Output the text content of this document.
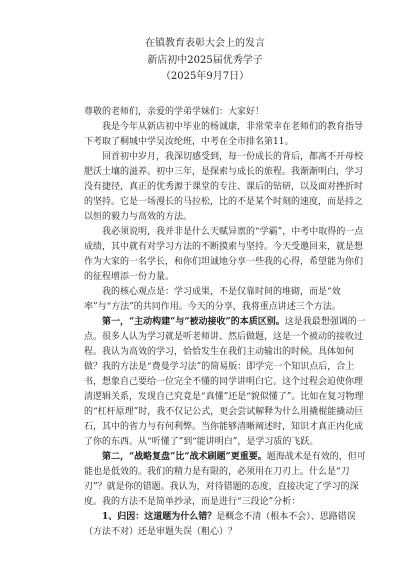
在镇教育表彰大会上的发言
新店初中2025届优秀学子
（2025年9月7日）

尊敬的老师们，亲爱的学弟学妹们：大家好！

我是今年从新店初中毕业的杨诚康，非常荣幸在老师们的教育指导下考取了桐城中学吴汝纶班，中考在全市排名第11。

回首初中岁月，我深切感受到，每一份成长的背后，都离不开母校肥沃土壤的滋养。初中三年，是探索与成长的旅程。我渐渐明白，学习没有捷径，真正的优秀源于课堂的专注、课后的钻研，以及面对挫折时的坚持。它是一场漫长的马拉松，比的不是某个时刻的速度，而是持之以恒的毅力与高效的方法。

我必须说明，我并非是什么天赋异禀的“学霸”，中考中取得的一点成绩，其中就有对学习方法的不断摸索与坚持。今天受邀回来，就是想作为大家的一名学长，和你们坦诚地分享一些我的心得，希望能为你们的征程增添一份力量。

我的核心观点是：学习成果，不是仅靠时间的堆砌，而是“效率”与“方法”的共同作用。今天的分享，我将重点讲述三个方法。

第一，“主动构建”与“被动接收”的本质区别。这是我最想强调的一点。很多人认为学习就是听老师讲、然后做题，这是一个被动的接收过程。我认为高效的学习，恰恰发生在我们主动输出的时候。具体如何做？我的方法是“费曼学习法”的简易版：即学完一个知识点后，合上书，想象自己要给一位完全不懂的同学讲明白它。这个过程会迫使你理清逻辑关系，发现自己究竟是“真懂”还是“貌似懂了”。比如在复习物理的“杠杆原理”时，我不仅记公式，更会尝试解释为什么用撬棍能撬动巨石，其中的省力与有何利弊。当你能够清晰阐述时，知识才真正内化成了你的东西。从“听懂了”到“能讲明白”，是学习质的飞跃。

第二，“战略复盘”比“战术刷题”更重要。题海战术是有效的，但可能也是低效的。我们的精力是有限的，必须用在刀刃上。什么是“刀刃”？就是你的错题。我认为，对待错题的态度，直接决定了学习的深度。我的方法不是简单抄录，而是进行“三段论”分析：

1、归因：这道题为什么错？是概念不清（根本不会）、思路错误（方法不对）还是审题失误（粗心）？
